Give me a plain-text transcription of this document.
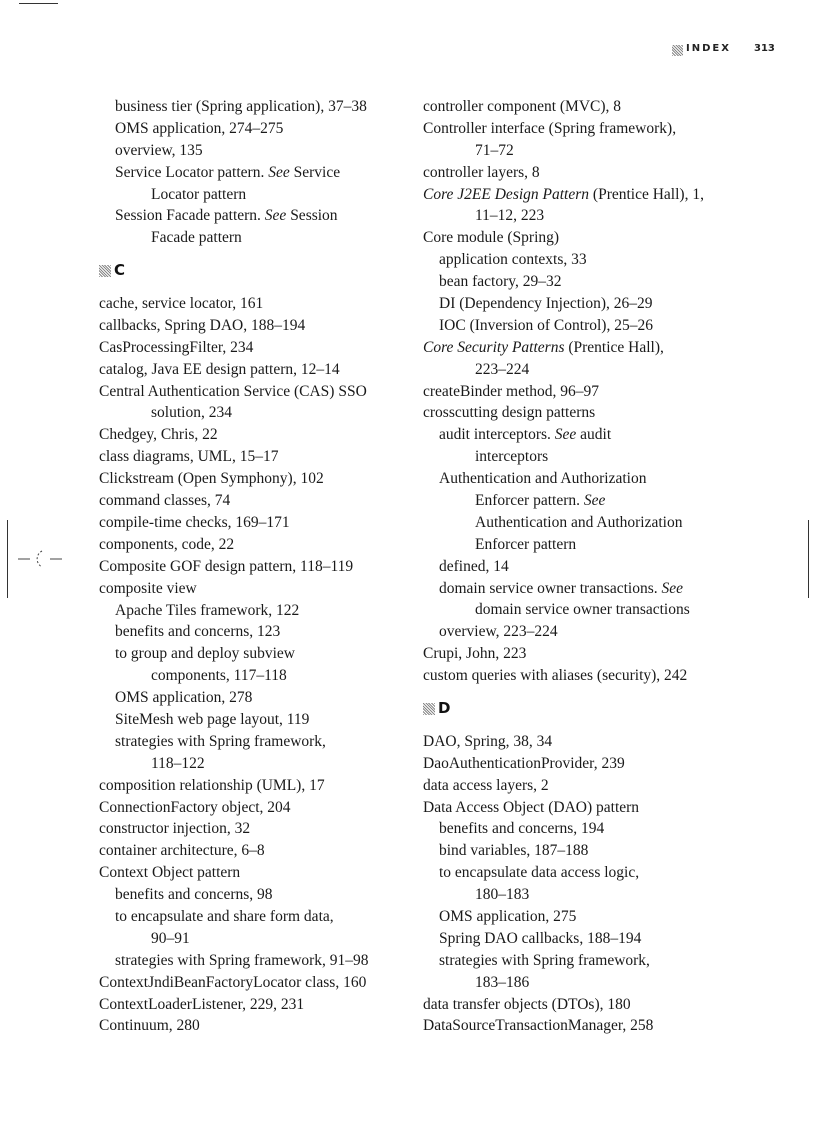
INDEX 313
business tier (Spring application), 37–38
OMS application, 274–275
overview, 135
Service Locator pattern. See Service
Locator pattern
Session Facade pattern. See Session
Facade pattern
C
cache, service locator, 161
callbacks, Spring DAO, 188–194
CasProcessingFilter, 234
catalog, Java EE design pattern, 12–14
Central Authentication Service (CAS) SSO
solution, 234
Chedgey, Chris, 22
class diagrams, UML, 15–17
Clickstream (Open Symphony), 102
command classes, 74
compile-time checks, 169–171
components, code, 22
Composite GOF design pattern, 118–119
composite view
Apache Tiles framework, 122
benefits and concerns, 123
to group and deploy subview
components, 117–118
OMS application, 278
SiteMesh web page layout, 119
strategies with Spring framework,
118–122
composition relationship (UML), 17
ConnectionFactory object, 204
constructor injection, 32
container architecture, 6–8
Context Object pattern
benefits and concerns, 98
to encapsulate and share form data,
90–91
strategies with Spring framework, 91–98
ContextJndiBeanFactoryLocator class, 160
ContextLoaderListener, 229, 231
Continuum, 280
controller component (MVC), 8
Controller interface (Spring framework),
71–72
controller layers, 8
Core J2EE Design Pattern (Prentice Hall), 1,
11–12, 223
Core module (Spring)
application contexts, 33
bean factory, 29–32
DI (Dependency Injection), 26–29
IOC (Inversion of Control), 25–26
Core Security Patterns (Prentice Hall),
223–224
createBinder method, 96–97
crosscutting design patterns
audit interceptors. See audit
interceptors
Authentication and Authorization
Enforcer pattern. See
Authentication and Authorization
Enforcer pattern
defined, 14
domain service owner transactions. See
domain service owner transactions
overview, 223–224
Crupi, John, 223
custom queries with aliases (security), 242
D
DAO, Spring, 38, 34
DaoAuthenticationProvider, 239
data access layers, 2
Data Access Object (DAO) pattern
benefits and concerns, 194
bind variables, 187–188
to encapsulate data access logic,
180–183
OMS application, 275
Spring DAO callbacks, 188–194
strategies with Spring framework,
183–186
data transfer objects (DTOs), 180
DataSourceTransactionManager, 258
